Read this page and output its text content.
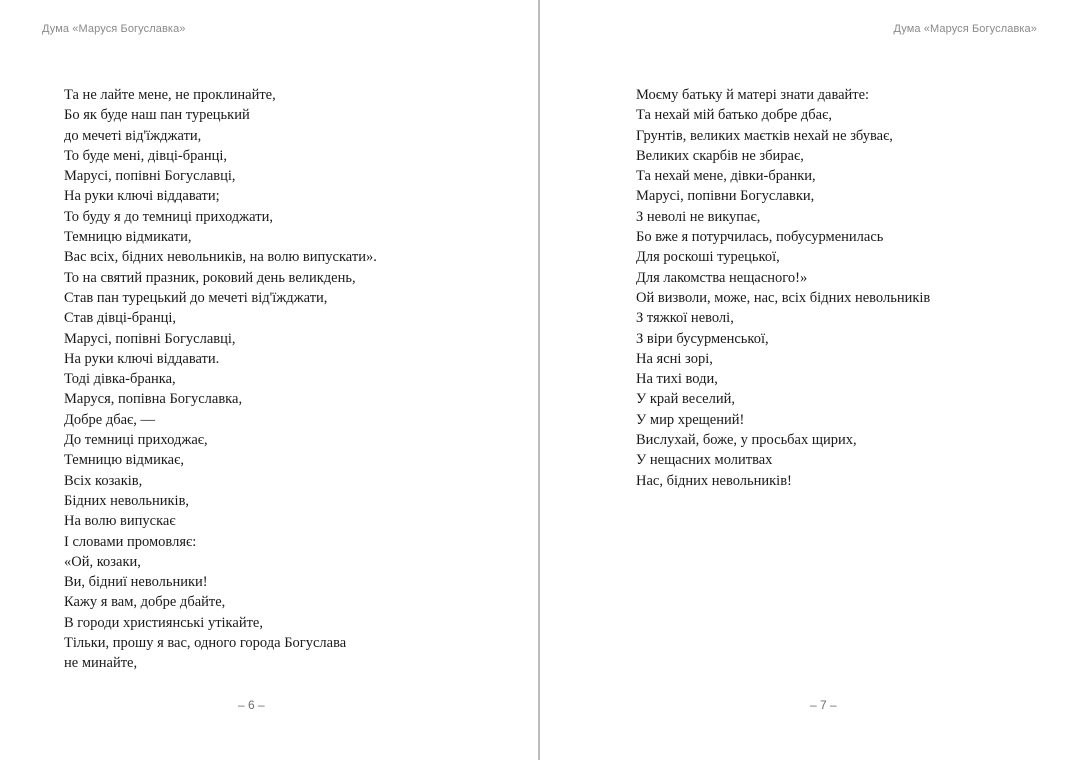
Дума «Маруся Богуславка»
Та не лайте мене, не проклинайте,
Бо як буде наш пан турецький
до мечеті від'їжджати,
То буде мені, дівці-бранці,
Марусі, попівні Богуславці,
На руки ключі віддавати;
То буду я до темниці приходжати,
Темницю відмикати,
Вас всіх, бідних невольників, на волю випускати».
То на святий празник, роковий день великдень,
Став пан турецький до мечеті від'їжджати,
Став дівці-бранці,
Марусі, попівні Богуславці,
На руки ключі віддавати.
Тоді дівка-бранка,
Маруся, попівна Богуславка,
Добре дбає, —
До темниці приходжає,
Темницю відмикає,
Всіх козаків,
Бідних невольників,
На волю випускає
І словами промовляє:
«Ой, козаки,
Ви, бідниї невольники!
Кажу я вам, добре дбайте,
В городи християнські утікайте,
Тільки, прошу я вас, одного города Богуслава
не минайте,
– 6 –
Дума «Маруся Богуславка»
Моєму батьку й матері знати давайте:
Та нехай мій батько добре дбає,
Грунтів, великих маєтків нехай не збуває,
Великих скарбів не збирає,
Та нехай мене, дівки-бранки,
Марусі, попівни Богуславки,
З неволі не викупає,
Бо вже я потурчилась, побусурменилась
Для роскоші турецької,
Для лакомства нещасного!»
Ой визволи, може, нас, всіх бідних невольників
З тяжкої неволі,
З віри бусурменської,
На ясні зорі,
На тихі води,
У край веселий,
У мир хрещений!
Вислухай, боже, у просьбах щирих,
У нещасних молитвах
Нас, бідних невольників!
– 7 –
